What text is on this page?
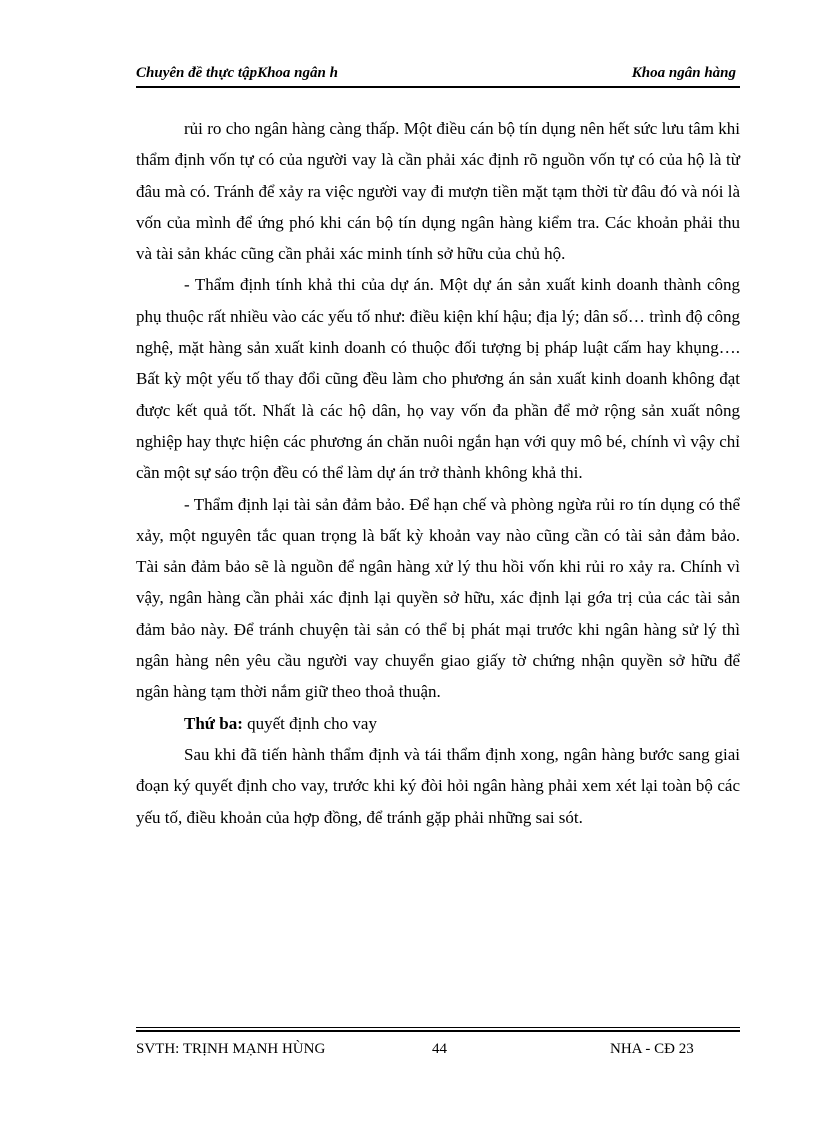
Chuyên đề thực tậpKhoa ngân h	Khoa ngân hàng

rủi ro cho ngân hàng càng thấp. Một điều cán bộ tín dụng nên hết sức lưu tâm khi thẩm định vốn tự có của người vay là cần phải xác định rõ nguồn vốn tự có của hộ là từ đâu mà có. Tránh để xảy ra việc người vay đi mượn tiền mặt tạm thời từ đâu đó và nói là vốn của mình để ứng phó khi cán bộ tín dụng ngân hàng kiểm tra. Các khoản phải thu và tài sản khác cũng cần phải xác minh tính sở hữu của chủ hộ.

- Thẩm định tính khả thi của dự án. Một dự án sản xuất kinh doanh thành công phụ thuộc rất nhiều vào các yếu tố như: điều kiện khí hậu; địa lý; dân số… trình độ công nghệ, mặt hàng sản xuất kinh doanh có thuộc đối tượng bị pháp luật cấm hay khụng…. Bất kỳ một yếu tố thay đổi cũng đều làm cho phương án sản xuất kinh doanh không đạt được kết quả tốt. Nhất là các hộ dân, họ vay vốn đa phần để mở rộng sản xuất nông nghiệp hay thực hiện các phương án chăn nuôi ngắn hạn với quy mô bé, chính vì vậy chỉ cần một sự sáo trộn đều có thể làm dự án trở thành không khả thi.

- Thẩm định lại tài sản đảm bảo. Để hạn chế và phòng ngừa rủi ro tín dụng có thể xảy, một nguyên tắc quan trọng là bất kỳ khoản vay nào cũng cần có tài sản đảm bảo. Tài sản đảm bảo sẽ là nguồn để ngân hàng xử lý thu hồi vốn khi rủi ro xảy ra. Chính vì vậy, ngân hàng cần phải xác định lại quyền sở hữu, xác định lại gớa trị của các tài sản đảm bảo này. Để tránh chuyện tài sản có thể bị phát mại trước khi ngân hàng sử lý thì ngân hàng nên yêu cầu người vay chuyển giao giấy tờ chứng nhận quyền sở hữu để ngân hàng tạm thời nắm giữ theo thoả thuận.

Thứ ba: quyết định cho vay

Sau khi đã tiến hành thẩm định và tái thẩm định xong, ngân hàng bước sang giai đoạn ký quyết định cho vay, trước khi ký đòi hỏi ngân hàng phải xem xét lại toàn bộ các yếu tố, điều khoản của hợp đồng, để tránh gặp phải những sai sót.

SVTH: TRỊNH MẠNH HÙNG	44	NHA - CĐ 23
